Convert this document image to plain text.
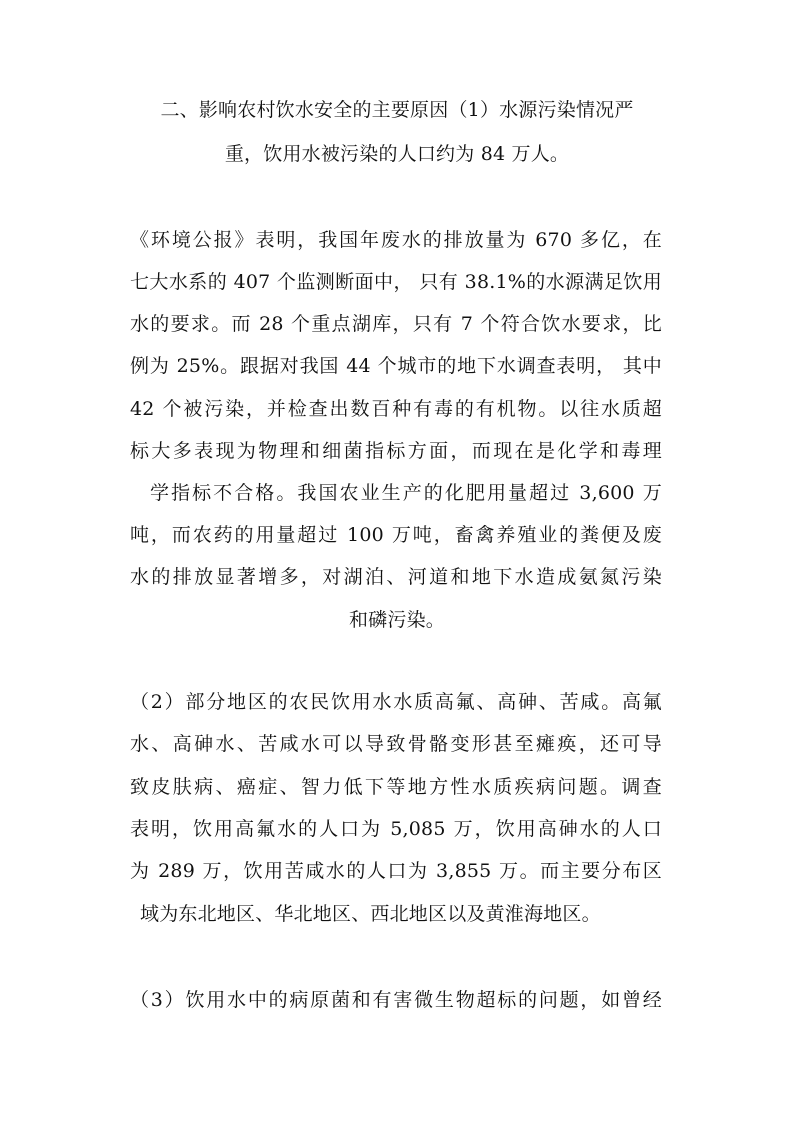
二、影响农村饮水安全的主要原因（1）水源污染情况严
重，饮用水被污染的人口约为 84 万人。
《环境公报》表明，我国年废水的排放量为 670 多亿，在
七大水系的 407 个监测断面中， 只有 38.1%的水源满足饮用
水的要求。而 28 个重点湖库，只有 7 个符合饮水要求，比
例为 25%。跟据对我国 44 个城市的地下水调查表明， 其中
42 个被污染，并检查出数百种有毒的有机物。以往水质超
标大多表现为物理和细菌指标方面，而现在是化学和毒理
学指标不合格。我国农业生产的化肥用量超过 3,600 万
吨，而农药的用量超过 100 万吨，畜禽养殖业的粪便及废
水的排放显著增多，对湖泊、河道和地下水造成氨氮污染
和磷污染。
（2）部分地区的农民饮用水水质高氟、高砷、苦咸。高氟
水、高砷水、苦咸水可以导致骨骼变形甚至瘫痪，还可导
致皮肤病、癌症、智力低下等地方性水质疾病问题。调查
表明，饮用高氟水的人口为 5,085 万，饮用高砷水的人口
为 289 万，饮用苦咸水的人口为 3,855 万。而主要分布区
域为东北地区、华北地区、西北地区以及黄淮海地区。
（3）饮用水中的病原菌和有害微生物超标的问题，如曾经
